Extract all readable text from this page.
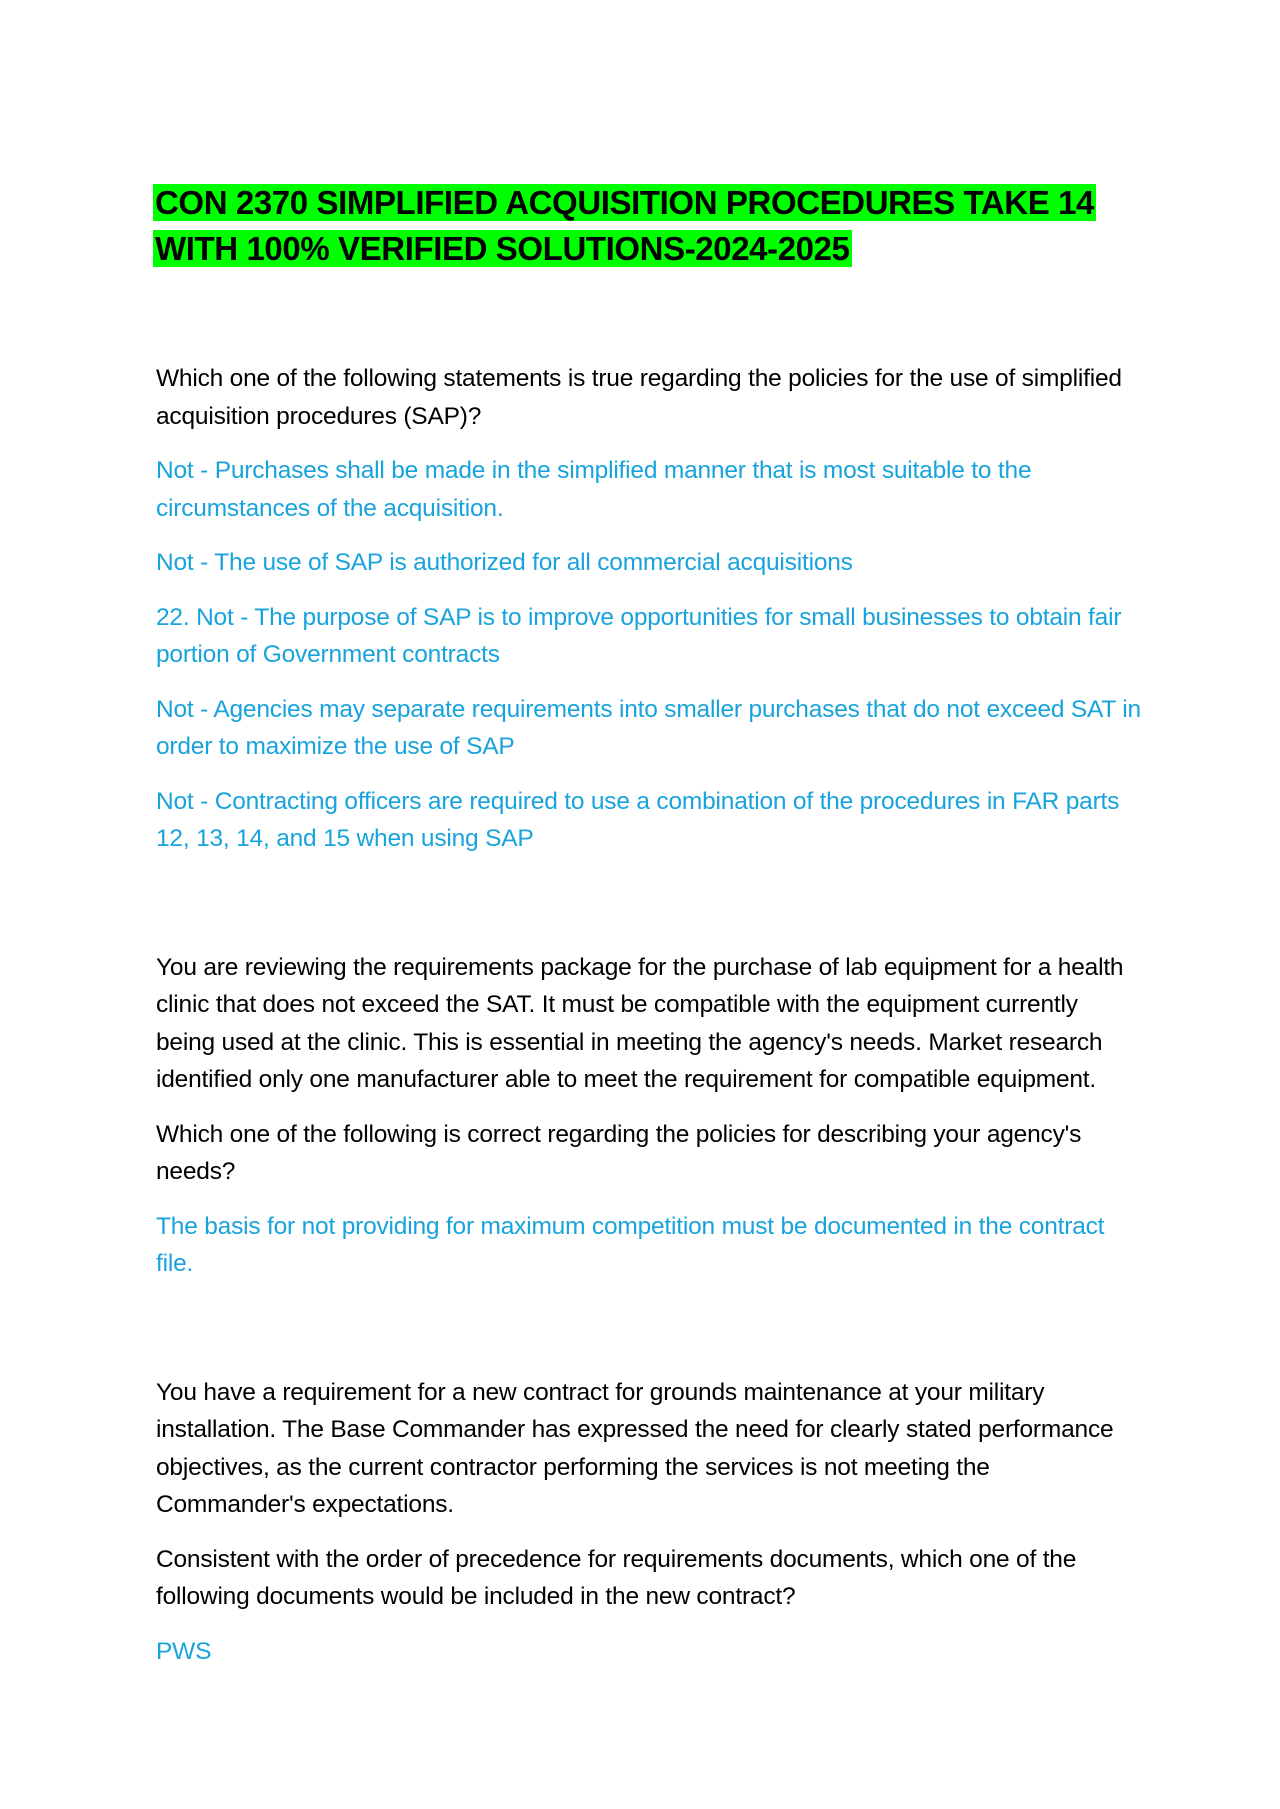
CON 2370 SIMPLIFIED ACQUISITION PROCEDURES TAKE 14
WITH 100% VERIFIED SOLUTIONS-2024-2025

Which one of the following statements is true regarding the policies for the use of simplified acquisition procedures (SAP)?

Not - Purchases shall be made in the simplified manner that is most suitable to the circumstances of the acquisition.

Not - The use of SAP is authorized for all commercial acquisitions

22. Not - The purpose of SAP is to improve opportunities for small businesses to obtain fair portion of Government contracts

Not - Agencies may separate requirements into smaller purchases that do not exceed SAT in order to maximize the use of SAP

Not - Contracting officers are required to use a combination of the procedures in FAR parts 12, 13, 14, and 15 when using SAP

You are reviewing the requirements package for the purchase of lab equipment for a health clinic that does not exceed the SAT. It must be compatible with the equipment currently being used at the clinic. This is essential in meeting the agency's needs. Market research identified only one manufacturer able to meet the requirement for compatible equipment.

Which one of the following is correct regarding the policies for describing your agency's needs?

The basis for not providing for maximum competition must be documented in the contract file.

You have a requirement for a new contract for grounds maintenance at your military installation. The Base Commander has expressed the need for clearly stated performance objectives, as the current contractor performing the services is not meeting the Commander's expectations.

Consistent with the order of precedence for requirements documents, which one of the following documents would be included in the new contract?

PWS
